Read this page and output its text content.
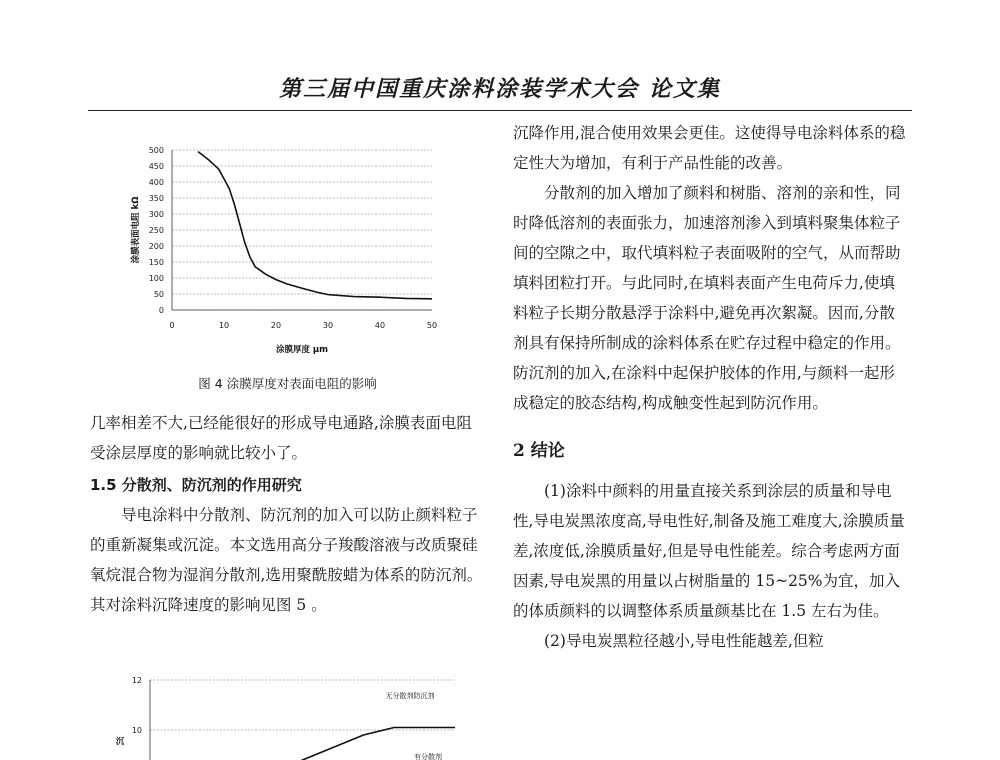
第三届中国重庆涂料涂装学术大会 论文集
0
50
100
150
200
250
300
350
400
450
500
0	10	20	30	40	50
涂膜厚度 μm
涂膜表面电阻 kΩ
图 4 涂膜厚度对表面电阻的影响

几率相差不大,已经能很好的形成导电通路,涂膜表面电阻受涂层厚度的影响就比较小了。

1.5 分散剂、防沉剂的作用研究

导电涂料中分散剂、防沉剂的加入可以防止颜料粒子的重新凝集或沉淀。本文选用高分子羧酸溶液与改质聚硅氧烷混合物为湿润分散剂,选用聚酰胺蜡为体系的防沉剂。其对涂料沉降速度的影响见图 5 。

10
12
无分散剂防沉剂
有分散剂
沉

沉降作用,混合使用效果会更佳。这使得导电涂料体系的稳定性大为增加，有利于产品性能的改善。

分散剂的加入增加了颜料和树脂、溶剂的亲和性，同时降低溶剂的表面张力，加速溶剂渗入到填料聚集体粒子间的空隙之中，取代填料粒子表面吸附的空气，从而帮助填料团粒打开。与此同时,在填料表面产生电荷斥力,使填料粒子长期分散悬浮于涂料中,避免再次絮凝。因而,分散剂具有保持所制成的涂料体系在贮存过程中稳定的作用。防沉剂的加入,在涂料中起保护胶体的作用,与颜料一起形成稳定的胶态结构,构成触变性起到防沉作用。

2 结论

(1)涂料中颜料的用量直接关系到涂层的质量和导电性,导电炭黑浓度高,导电性好,制备及施工难度大,涂膜质量差,浓度低,涂膜质量好,但是导电性能差。综合考虑两方面因素,导电炭黑的用量以占树脂量的 15~25%为宜，加入的体质颜料的以调整体系质量颜基比在 1.5 左右为佳。

(2)导电炭黑粒径越小,导电性能越差,但粒
